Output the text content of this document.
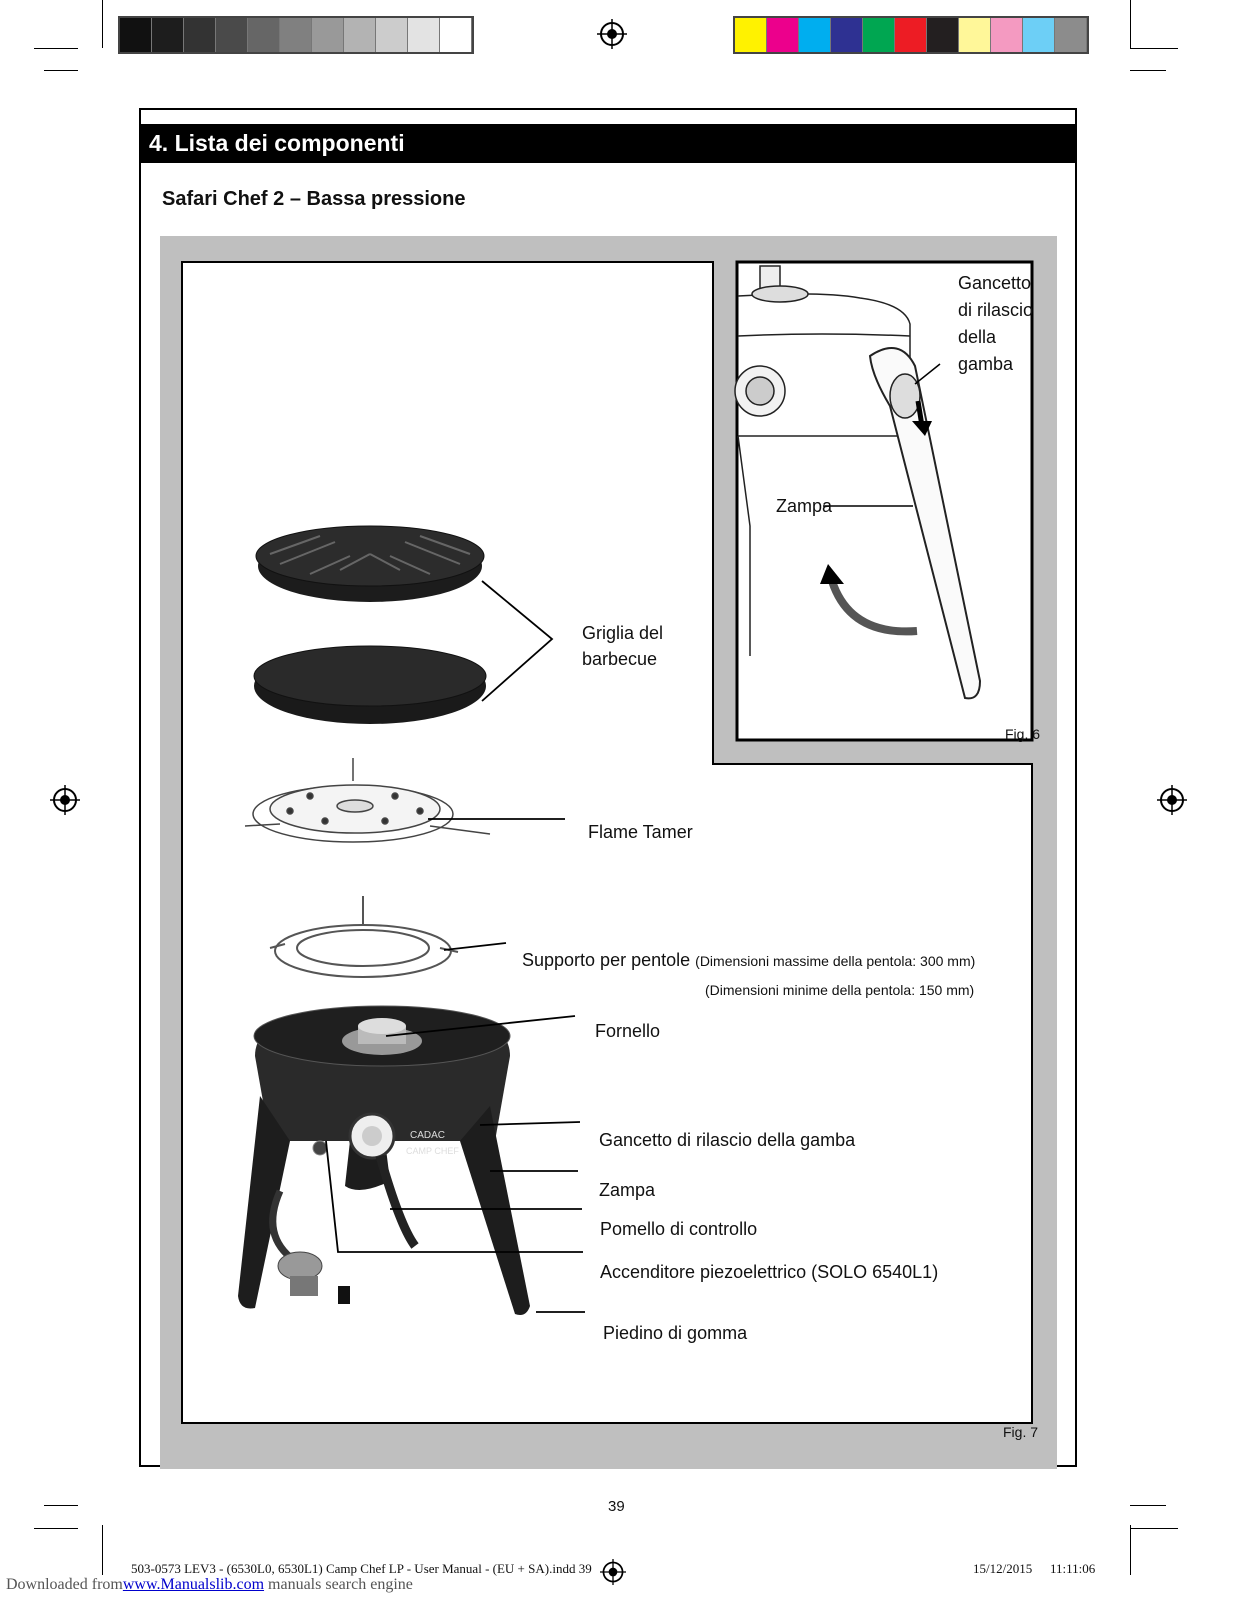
4. Lista dei componenti
Safari Chef 2 – Bassa pressione
CADAC
CAMP CHEF
Gancetto
di rilascio
della
gamba
Zampa
Fig. 6
Griglia del
barbecue
Flame Tamer
Supporto per pentole (Dimensioni massime della pentola: 300 mm)
(Dimensioni minime della pentola: 150 mm)
Fornello
Gancetto di rilascio della gamba
Zampa
Pomello di controllo
Accenditore piezoelettrico (SOLO 6540L1)
Piedino di gomma
Fig. 7
39
503-0573 LEV3 - (6530L0, 6530L1) Camp Chef LP - User Manual - (EU + SA).indd 39	15/12/2015 11:11:06
Downloaded fromwww.Manualslib.com manuals search engine
